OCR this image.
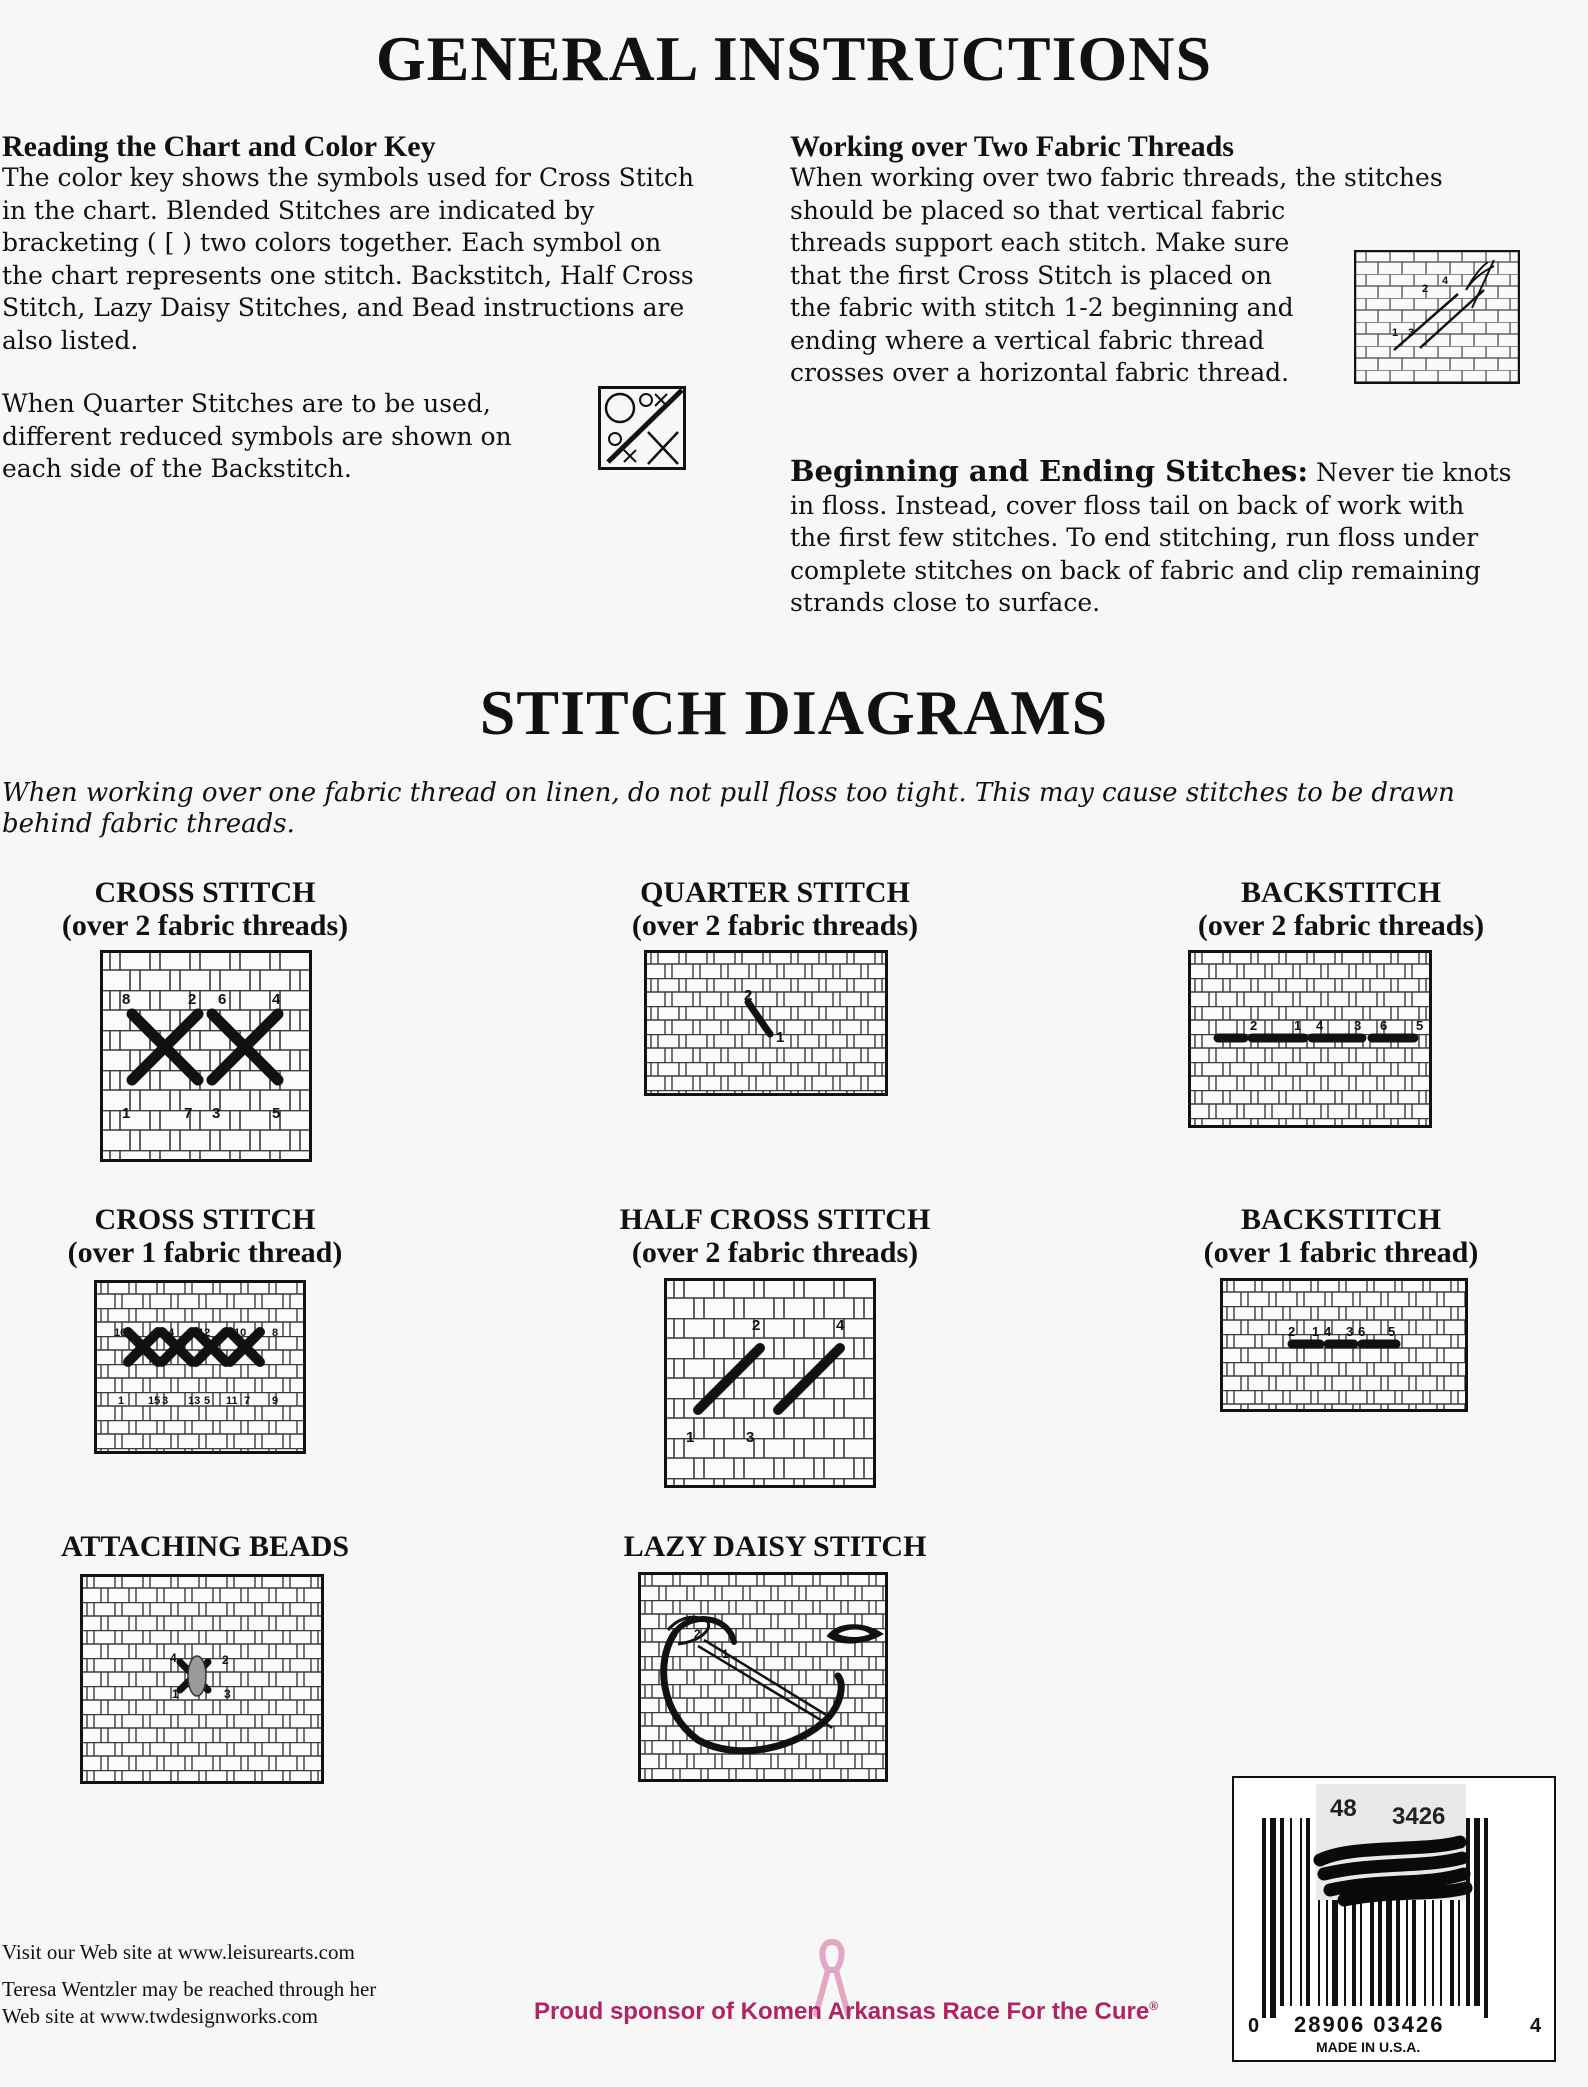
GENERAL INSTRUCTIONS

Reading the Chart and Color Key

The color key shows the symbols used for Cross Stitch
in the chart. Blended Stitches are indicated by
bracketing ( [ ) two colors together. Each symbol on
the chart represents one stitch. Backstitch, Half Cross
Stitch, Lazy Daisy Stitches, and Bead instructions are
also listed.

When Quarter Stitches are to be used,
different reduced symbols are shown on
each side of the Backstitch.

Working over Two Fabric Threads

When working over two fabric threads, the stitches
should be placed so that vertical fabric
threads support each stitch. Make sure
that the first Cross Stitch is placed on
the fabric with stitch 1-2 beginning and
ending where a vertical fabric thread
crosses over a horizontal fabric thread.

2
4
1 3

Beginning and Ending Stitches: Never tie knots
in floss. Instead, cover floss tail on back of work with
the first few stitches. To end stitching, run floss under
complete stitches on back of fabric and clip remaining
strands close to surface.

STITCH DIAGRAMS
When working over one fabric thread on linen, do not pull floss too tight. This may cause stitches to be drawn
behind fabric threads.
CROSS STITCH
(over 2 fabric threads)
QUARTER STITCH
(over 2 fabric threads)
BACKSTITCH
(over 2 fabric threads)
CROSS STITCH
(over 1 fabric thread)
HALF CROSS STITCH
(over 2 fabric threads)
BACKSTITCH
(over 1 fabric thread)
ATTACHING BEADS	LAZY DAISY STITCH
8	2 6	4
1	7 3	5
2
1
2	1 4 3 6 5
16	2 14 4 12 6 10 8
1 15 3 13 5 11 7 9
2	4
1	3
2 1 4 3 6 5
4	2
1	3
2
1
Visit our Web site at www.leisurearts.com
Teresa Wentzler may be reached through her
Web site at www.twdesignworks.com	Proud sponsor of Komen Arkansas Race For the Cure®
48 3426
0 28906 03426	4
MADE IN U.S.A.
